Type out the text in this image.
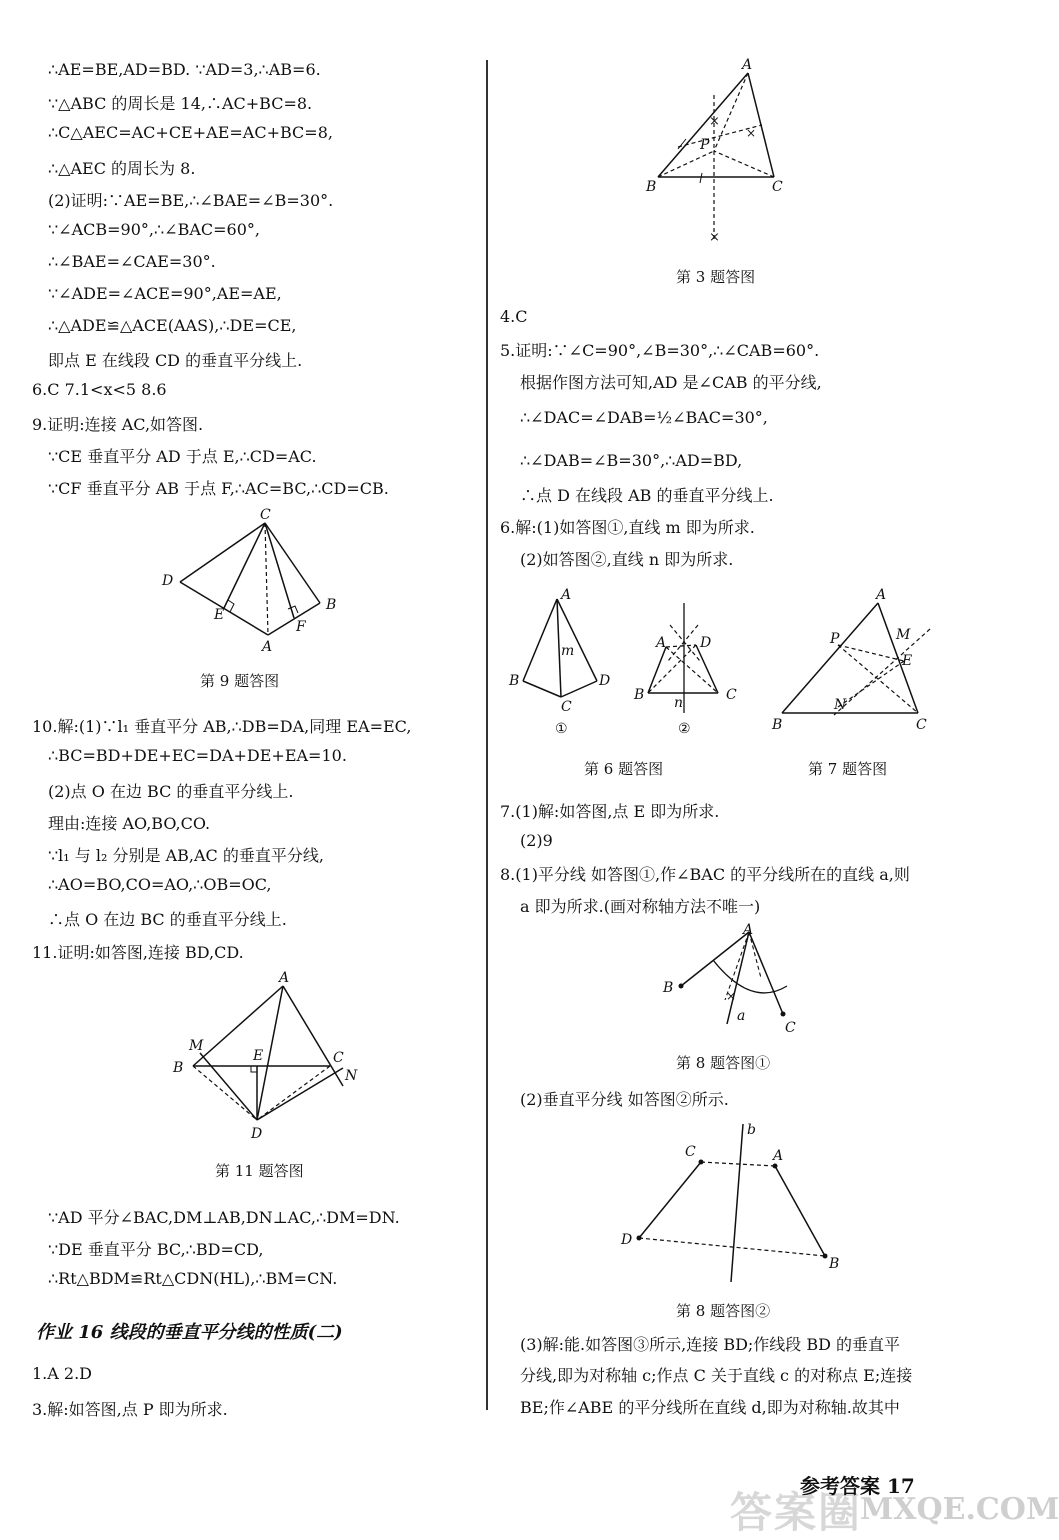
∴AE=BE,AD=BD. ∵AD=3,∴AB=6.
∵△ABC 的周长是 14,∴AC+BC=8.
∴C△AEC=AC+CE+AE=AC+BC=8,
∴△AEC 的周长为 8.
(2)证明:∵AE=BE,∴∠BAE=∠B=30°.
∵∠ACB=90°,∴∠BAC=60°,
∴∠BAE=∠CAE=30°.
∵∠ADE=∠ACE=90°,AE=AE,
∴△ADE≌△ACE(AAS),∴DE=CE,
即点 E 在线段 CD 的垂直平分线上.
6.C 7.1<x<5 8.6
9.证明:连接 AC,如答图.
∵CE 垂直平分 AD 于点 E,∴CD=AC.
∵CF 垂直平分 AB 于点 F,∴AC=BC,∴CD=CB.
C
D
E
A
F
B
第 9 题答图
10.解:(1)∵l₁ 垂直平分 AB,∴DB=DA,同理 EA=EC,
∴BC=BD+DE+EC=DA+DE+EA=10.
(2)点 O 在边 BC 的垂直平分线上.
理由:连接 AO,BO,CO.
∵l₁ 与 l₂ 分别是 AB,AC 的垂直平分线,
∴AO=BO,CO=AO,∴OB=OC,
∴点 O 在边 BC 的垂直平分线上.
11.证明:如答图,连接 BD,CD.
A
M
B
E	C
N
D
第 11 题答图
∵AD 平分∠BAC,DM⊥AB,DN⊥AC,∴DM=DN.
∵DE 垂直平分 BC,∴BD=CD,
∴Rt△BDM≌Rt△CDN(HL),∴BM=CN.
作业 16 线段的垂直平分线的性质(二)
1.A 2.D
3.解:如答图,点 P 即为所求.
×
×
×
A
P
B	C
第 3 题答图
4.C
5.证明:∵∠C=90°,∠B=30°,∴∠CAB=60°.
根据作图方法可知,AD 是∠CAB 的平分线,
∴∠DAC=∠DAB=½∠BAC=30°,
∴∠DAB=∠B=30°,∴AD=BD,
∴点 D 在线段 AB 的垂直平分线上.
6.解:(1)如答图①,直线 m 即为所求.
(2)如答图②,直线 n 即为所求.
A
m
B	D
C
①
A D
B n	C
②
A
P	M
E
N
B	C
第 6 题答图	第 7 题答图
7.(1)解:如答图,点 E 即为所求.
(2)9
8.(1)平分线 如答图①,作∠BAC 的平分线所在的直线 a,则
a 即为所求.(画对称轴方法不唯一)
×
A
B
a
C
第 8 题答图①
(2)垂直平分线 如答图②所示.
b
C	A
D
B
第 8 题答图②
(3)解:能.如答图③所示,连接 BD;作线段 BD 的垂直平
分线,即为对称轴 c;作点 C 关于直线 c 的对称点 E;连接
BE;作∠ABE 的平分线所在直线 d,即为对称轴.故其中
答案圈
MXQE.COM
参考答案 17
